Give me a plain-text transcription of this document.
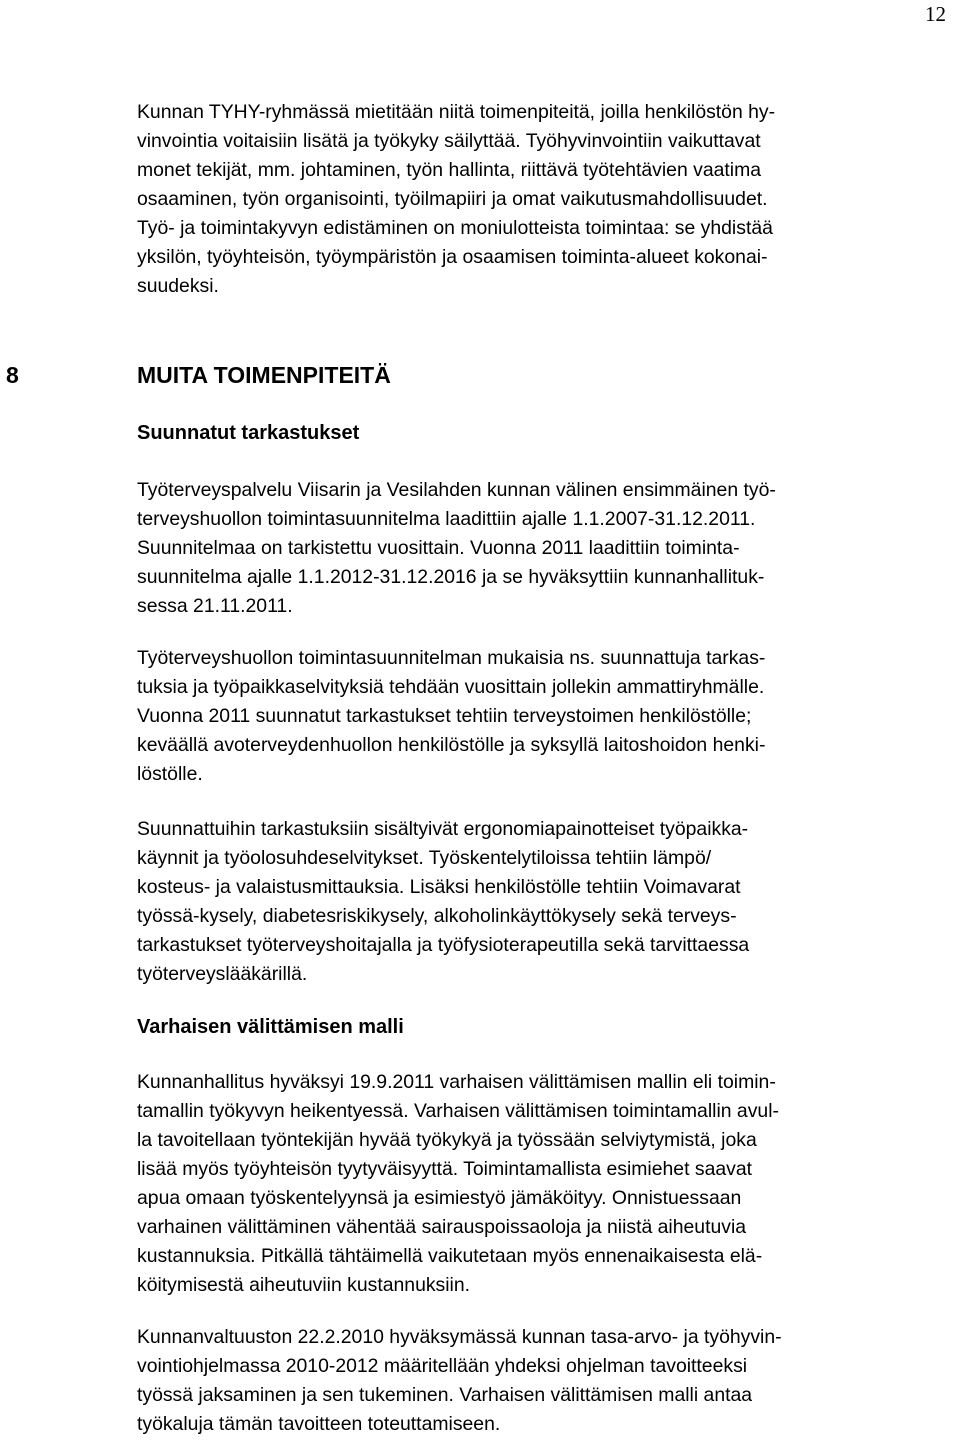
12

Kunnan TYHY-ryhmässä mietitään niitä toimenpiteitä, joilla henkilöstön hy-
vinvointia voitaisiin lisätä ja työkyky säilyttää. Työhyvinvointiin vaikuttavat
monet tekijät, mm. johtaminen, työn hallinta, riittävä työtehtävien vaatima
osaaminen, työn organisointi, työilmapiiri ja omat vaikutusmahdollisuudet.
Työ- ja toimintakyvyn edistäminen on moniulotteista toimintaa: se yhdistää
yksilön, työyhteisön, työympäristön ja osaamisen toiminta-alueet kokonai-
suudeksi.

8	MUITA TOIMENPITEITÄ
Suunnatut tarkastukset

Työterveyspalvelu Viisarin ja Vesilahden kunnan välinen ensimmäinen työ-
terveyshuollon toimintasuunnitelma laadittiin ajalle 1.1.2007-31.12.2011.
Suunnitelmaa on tarkistettu vuosittain. Vuonna 2011 laadittiin toiminta-
suunnitelma ajalle 1.1.2012-31.12.2016 ja se hyväksyttiin kunnanhallituk-
sessa 21.11.2011.

Työterveyshuollon toimintasuunnitelman mukaisia ns. suunnattuja tarkas-
tuksia ja työpaikkaselvityksiä tehdään vuosittain jollekin ammattiryhmälle.
Vuonna 2011 suunnatut tarkastukset tehtiin terveystoimen henkilöstölle;
keväällä avoterveydenhuollon henkilöstölle ja syksyllä laitoshoidon henki-
löstölle.

Suunnattuihin tarkastuksiin sisältyivät ergonomiapainotteiset työpaikka-
käynnit ja työolosuhdeselvitykset. Työskentelytiloissa tehtiin lämpö/
kosteus- ja valaistusmittauksia. Lisäksi henkilöstölle tehtiin Voimavarat
työssä-kysely, diabetesriskikysely, alkoholinkäyttökysely sekä terveys-
tarkastukset työterveyshoitajalla ja työfysioterapeutilla sekä tarvittaessa
työterveyslääkärillä.

Varhaisen välittämisen malli

Kunnanhallitus hyväksyi 19.9.2011 varhaisen välittämisen mallin eli toimin-
tamallin työkyvyn heikentyessä. Varhaisen välittämisen toimintamallin avul-
la tavoitellaan työntekijän hyvää työkykyä ja työssään selviytymistä, joka
lisää myös työyhteisön tyytyväisyyttä. Toimintamallista esimiehet saavat
apua omaan työskentelyynsä ja esimiestyö jämäköityy. Onnistuessaan
varhainen välittäminen vähentää sairauspoissaoloja ja niistä aiheutuvia
kustannuksia. Pitkällä tähtäimellä vaikutetaan myös ennenaikaisesta elä-
köitymisestä aiheutuviin kustannuksiin.

Kunnanvaltuuston 22.2.2010 hyväksymässä kunnan tasa-arvo- ja työhyvin-
vointiohjelmassa 2010-2012 määritellään yhdeksi ohjelman tavoitteeksi
työssä jaksaminen ja sen tukeminen. Varhaisen välittämisen malli antaa
työkaluja tämän tavoitteen toteuttamiseen.
